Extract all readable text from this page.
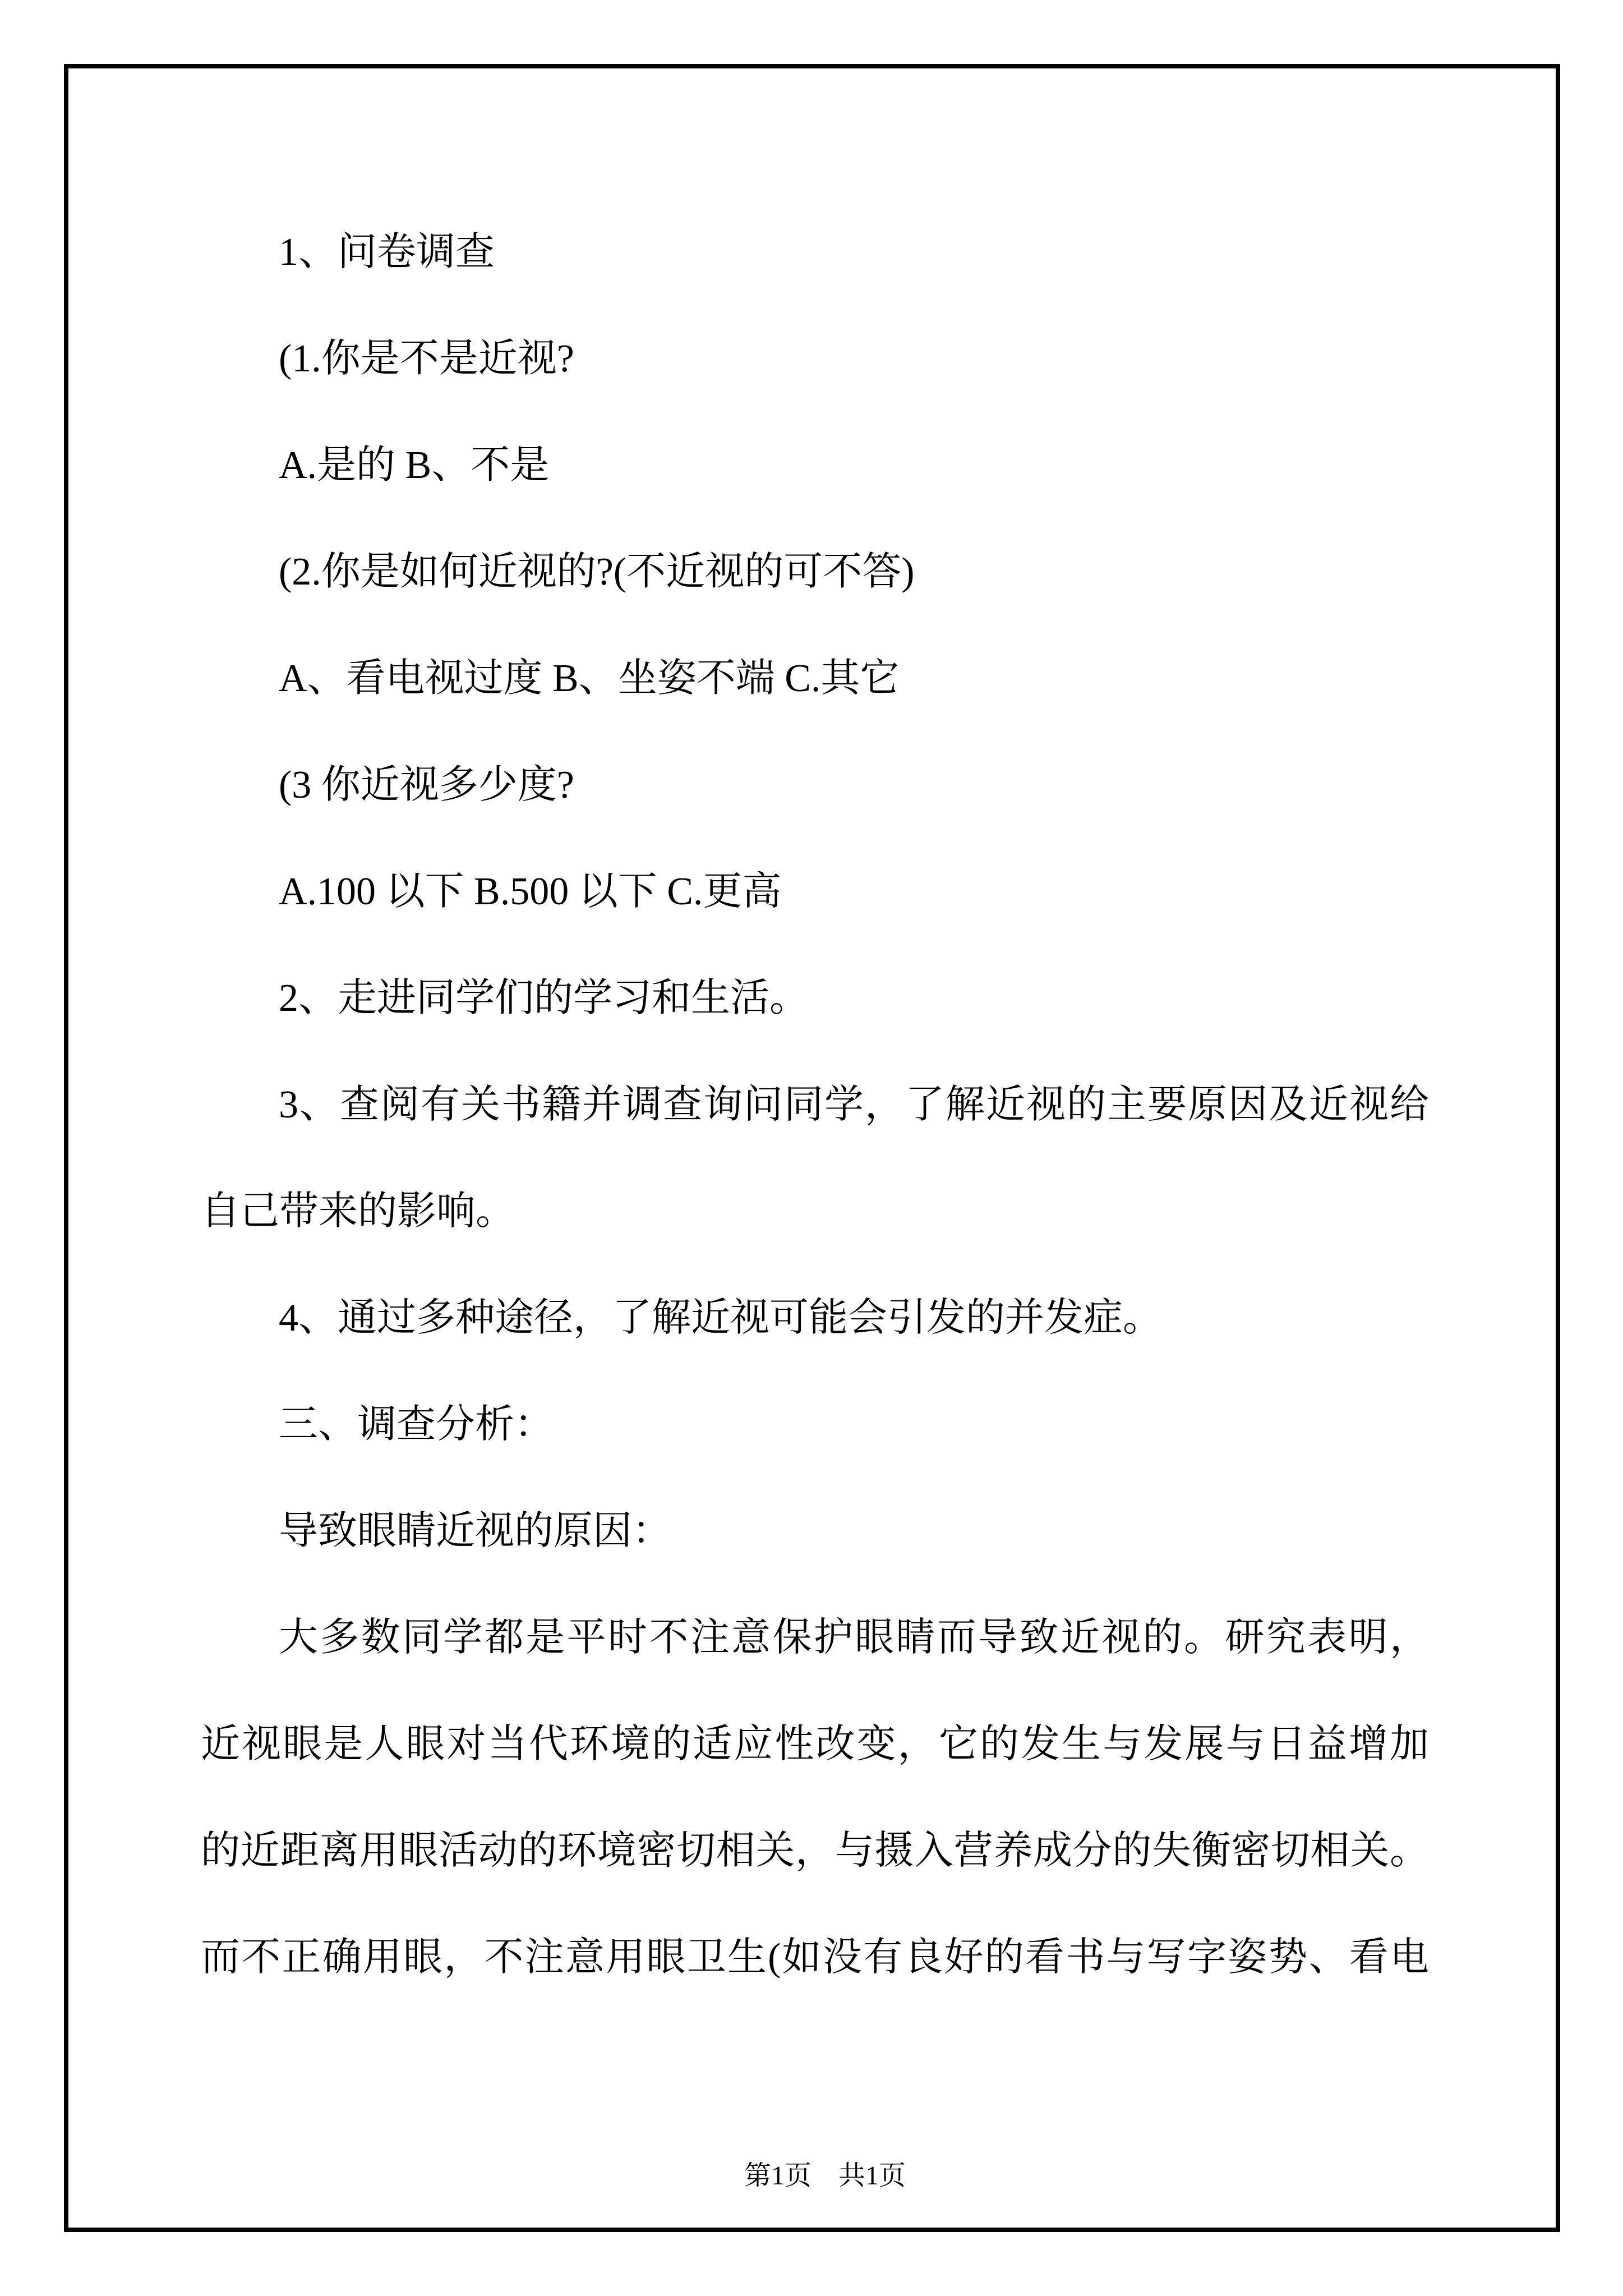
1、问卷调查
(1.你是不是近视?
A.是的 B、不是
(2.你是如何近视的?(不近视的可不答)
A、看电视过度 B、坐姿不端 C.其它
(3 你近视多少度?
A.100 以下 B.500 以下 C.更高
2、走进同学们的学习和生活。
3、查阅有关书籍并调查询问同学，了解近视的主要原因及近视给
自己带来的影响。
4、通过多种途径，了解近视可能会引发的并发症。
三、调查分析：
导致眼睛近视的原因：
大多数同学都是平时不注意保护眼睛而导致近视的。研究表明，
近视眼是人眼对当代环境的适应性改变，它的发生与发展与日益增加
的近距离用眼活动的环境密切相关，与摄入营养成分的失衡密切相关。
而不正确用眼，不注意用眼卫生(如没有良好的看书与写字姿势、看电

第1页　共1页
